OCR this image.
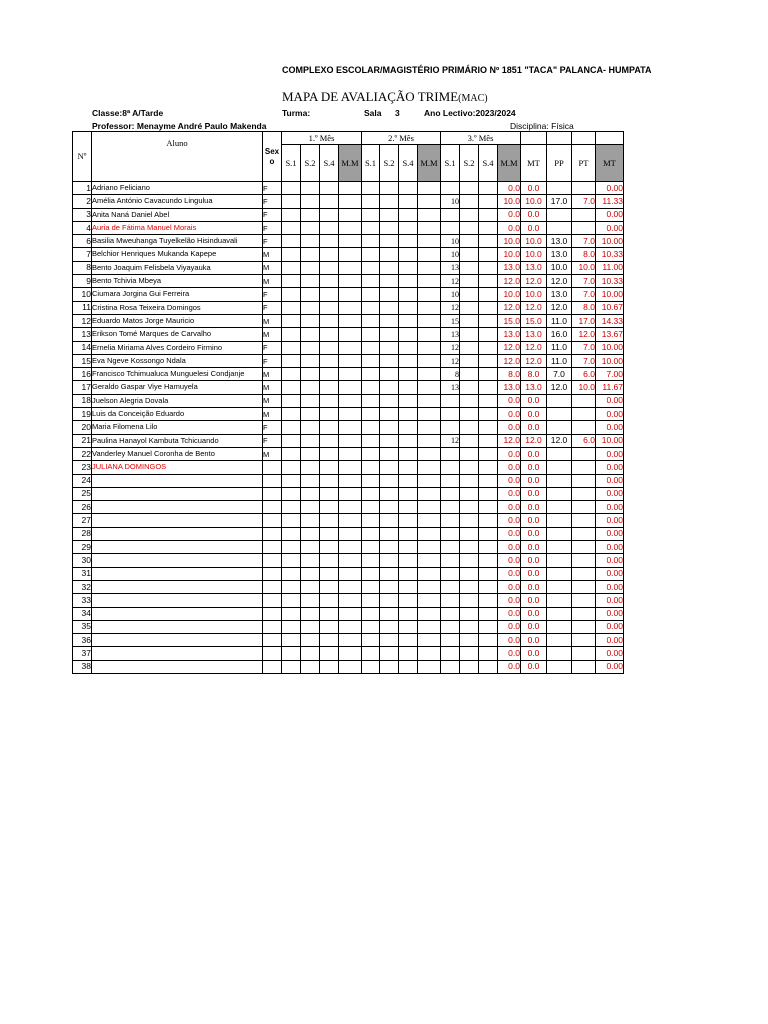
COMPLEXO ESCOLAR/MAGISTÉRIO PRIMÁRIO Nº 1851 "TACA" PALANCA- HUMPATA
MAPA DE AVALIAÇÃO TRIME(MAC)
Classe:8ª A/Tarde	Turma:	Sala 3	Ano Lectivo:2023/2024
Professor: Menayme André Paulo Makenda	Disciplina: Física
Nº	Aluno	Sexo	1.º Mês				2.º Mês				3.º Mês							
			S.1	S.2	S.4	M.M	S.1	S.2	S.4	M.M	S.1	S.2	S.4	M.M	MT	PP	PT	MT
1	Adriano Feliciano	F												0.0	0.0			0.00
2	Amélia António Cavacundo Lingulua	F									10			10.0	10.0	17.0	7.0	11.33
3	Anita Naná Daniel Abel	F												0.0	0.0			0.00
4	Auria de Fátima Manuel Morais	F												0.0	0.0			0.00
6	Basilia Mweuhanga Tuyelkelão Hisinduavali	F									10			10.0	10.0	13.0	7.0	10.00
7	Belchior Henriques Mukanda Kapepe	M									10			10.0	10.0	13.0	8.0	10.33
8	Bento Joaquim Felisbela Viyayauka	M									13			13.0	13.0	10.0	10.0	11.00
9	Bento Tchivia Mbeya	M									12			12.0	12.0	12.0	7.0	10.33
10	Ciumara Jorgina Gui Ferreira	F									10			10.0	10.0	13.0	7.0	10.00
11	Cristina Rosa Teixeira Domingos	F									12			12.0	12.0	12.0	8.0	10.67
12	Eduardo Matos Jorge Mauricio	M									15			15.0	15.0	11.0	17.0	14.33
13	Erikson Tomé Marques de Carvalho	M									13			13.0	13.0	16.0	12.0	13.67
14	Ernelia Miriama Alves Cordeiro Firmino	F									12			12.0	12.0	11.0	7.0	10.00
15	Eva Ngeve Kossongo Ndala	F									12			12.0	12.0	11.0	7.0	10.00
16	Francisco Tchimualuca Munguelesi Condjanje	M									8			8.0	8.0	7.0	6.0	7.00
17	Geraldo Gaspar Viye Hamuyela	M									13			13.0	13.0	12.0	10.0	11.67
18	Juelson Alegria Dovala	M												0.0	0.0			0.00
19	Luis da Conceição Eduardo	M												0.0	0.0			0.00
20	Maria Filomena Lilo	F												0.0	0.0			0.00
21	Paulina Hanayol Kambuta Tchicuando	F									12			12.0	12.0	12.0	6.0	10.00
22	Vanderley Manuel Coronha de Bento	M												0.0	0.0			0.00
23	JULIANA DOMINGOS													0.0	0.0			0.00
24														0.0	0.0			0.00
25														0.0	0.0			0.00
26														0.0	0.0			0.00
27														0.0	0.0			0.00
28														0.0	0.0			0.00
29														0.0	0.0			0.00
30														0.0	0.0			0.00
31														0.0	0.0			0.00
32														0.0	0.0			0.00
33														0.0	0.0			0.00
34														0.0	0.0			0.00
35														0.0	0.0			0.00
36														0.0	0.0			0.00
37														0.0	0.0			0.00
38														0.0	0.0			0.00
